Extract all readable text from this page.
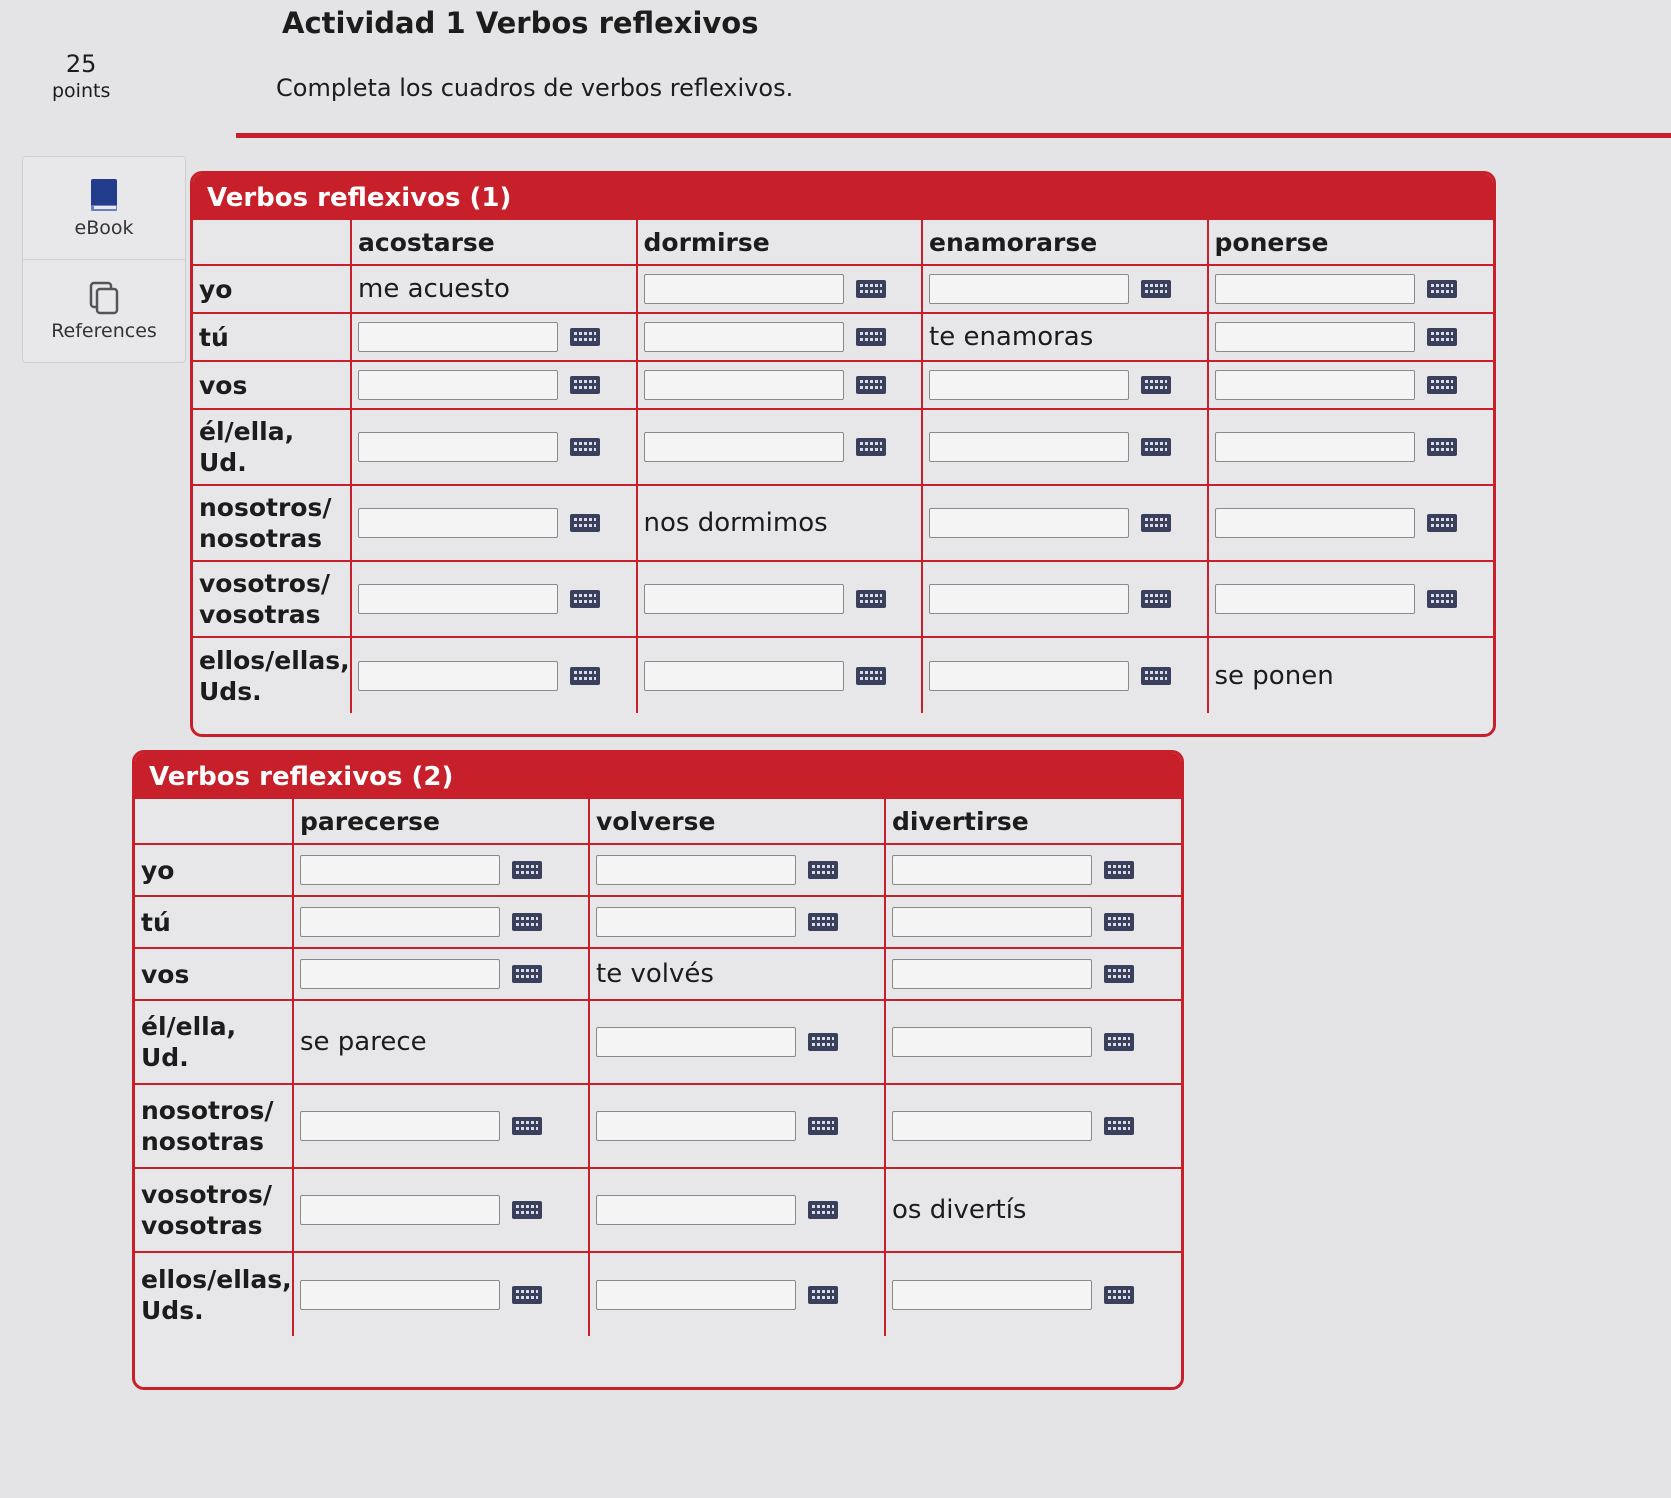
Actividad 1 Verbos reflexivos
25
points	Completa los cuadros de verbos reflexivos.
eBook
References
Verbos reflexivos (1)
	acostarse	dormirse	enamorarse	ponerse
yo	me acuesto	

tú			te enamoras	

vos	

él/ella, Ud.	

nosotros/ nosotras		nos dormimos	

vosotros/ vosotras	

ellos/ellas, Uds.				se ponen
Verbos reflexivos (2)
	parecerse	volverse	divertirse
yo	

tú	

vos		te volvés	

él/ella, Ud.	se parece	

nosotros/ nosotras	

vosotros/ vosotras			os divertís
ellos/ellas, Uds.	
